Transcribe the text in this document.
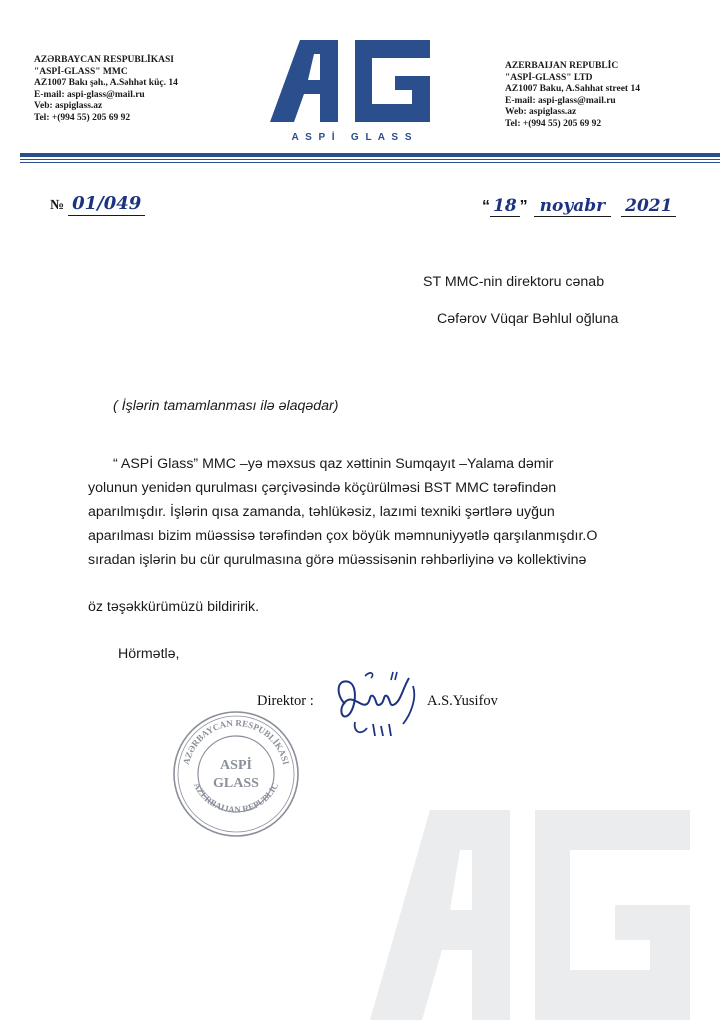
AZƏRBAYCAN RESPUBLİKASI
"ASPİ-GLASS" MMC
AZ1007 Bakı şəh., A.Səhhət küç. 14
E-mail: aspi-glass@mail.ru
Veb: aspiglass.az
Tel: +(994 55) 205 69 92
A S P İ   G L A S S
AZERBAIJAN REPUBLİC
"ASPİ-GLASS" LTD
AZ1007 Baku, A.Sahhat street 14
E-mail: aspi-glass@mail.ru
Web: aspiglass.az
Tel: +(994 55) 205 69 92
№ 01/049	“ 18 ” noyabr	2021
ST MMC-nin direktoru cənab
Cəfərov Vüqar Bəhlul oğluna
( İşlərin tamamlanması ilə əlaqədar)
“ ASPİ Glass” MMC –yə məxsus qaz xəttinin Sumqayıt –Yalama dəmir
yolunun yenidən qurulması çərçivəsində köçürülməsi BST MMC tərəfindən
aparılmışdır. İşlərin qısa zamanda, təhlükəsiz, lazımi texniki şərtlərə uyğun
aparılması bizim müəssisə tərəfindən çox böyük məmnuniyyətlə qarşılanmışdır.O
sıradan işlərin bu cür qurulmasına görə müəssisənin rəhbərliyinə və kollektivinə
öz təşəkkürümüzü bildiririk.
Hörmətlə,
Direktor :	A.S.Yusifov
AZƏRBAYCAN RESPUBLİKASI
AZERBAIJAN REPUBLIC
ASPİ
GLASS
